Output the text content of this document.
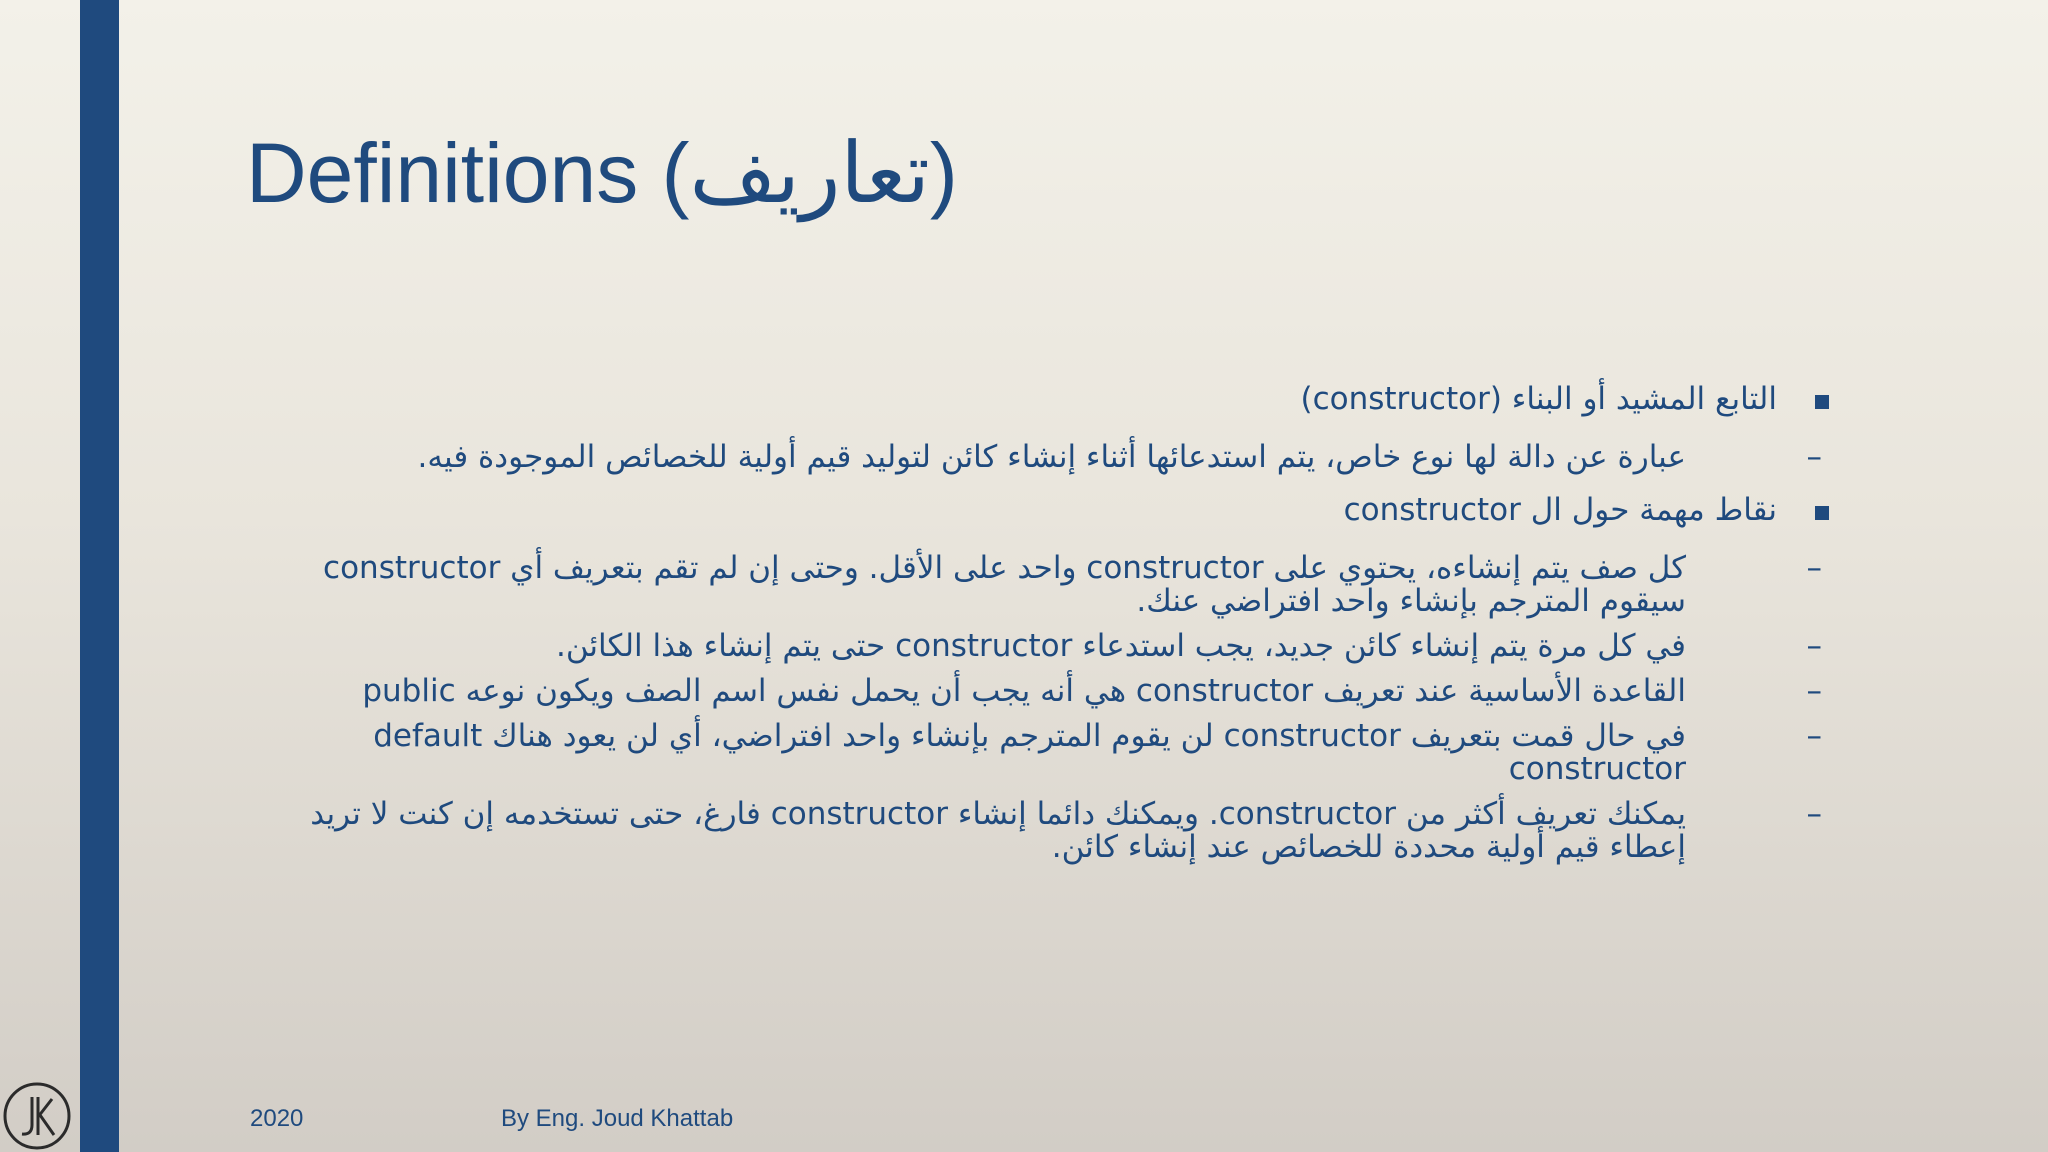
Definitions (تعاريف)
التابع المشيد أو البناء (constructor)
–
عبارة عن دالة لها نوع خاص، يتم استدعائها أثناء إنشاء كائن لتوليد قيم أولية للخصائص الموجودة فيه.
نقاط مهمة حول ال constructor
–
كل صف يتم إنشاءه، يحتوي على constructor واحد على الأقل. وحتى إن لم تقم بتعريف أي constructor سيقوم المترجم بإنشاء واحد افتراضي عنك.
–
في كل مرة يتم إنشاء كائن جديد، يجب استدعاء constructor حتى يتم إنشاء هذا الكائن.
–
القاعدة الأساسية عند تعريف constructor هي أنه يجب أن يحمل نفس اسم الصف ويكون نوعه public
–
في حال قمت بتعريف constructor لن يقوم المترجم بإنشاء واحد افتراضي، أي لن يعود هناك default constructor
–
يمكنك تعريف أكثر من constructor. ويمكنك دائما إنشاء constructor فارغ، حتى تستخدمه إن كنت لا تريد إعطاء قيم أولية محددة للخصائص عند إنشاء كائن.
2020	By Eng. Joud Khattab
